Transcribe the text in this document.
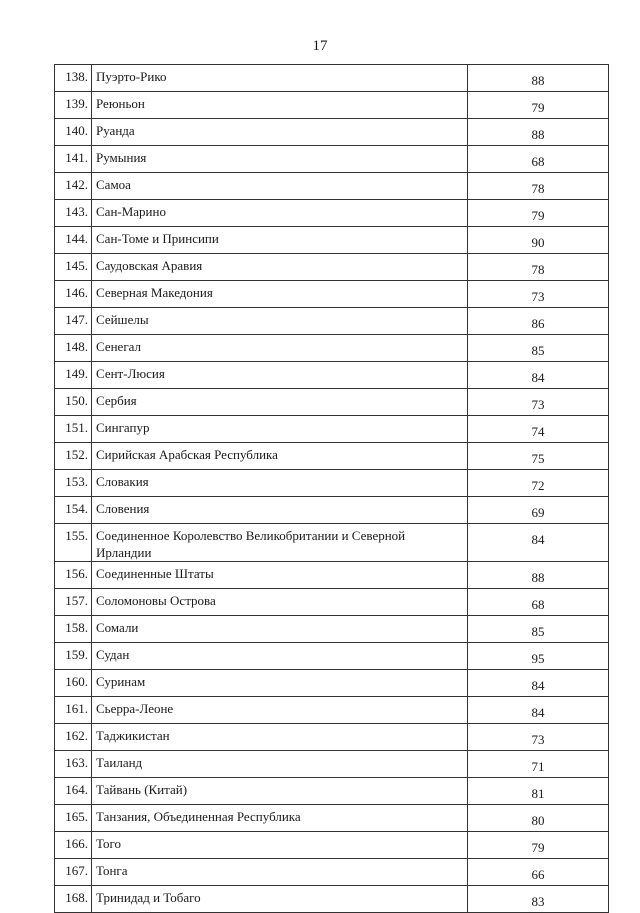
17
138.	Пуэрто-Рико	88
139.	Реюньон	79
140.	Руанда	88
141.	Румыния	68
142.	Самоа	78
143.	Сан-Марино	79
144.	Сан-Томе и Принсипи	90
145.	Саудовская Аравия	78
146.	Северная Македония	73
147.	Сейшелы	86
148.	Сенегал	85
149.	Сент-Люсия	84
150.	Сербия	73
151.	Сингапур	74
152.	Сирийская Арабская Республика	75
153.	Словакия	72
154.	Словения	69
155.	Соединенное Королевство Великобритании и Северной Ирландии	84
156.	Соединенные Штаты	88
157.	Соломоновы Острова	68
158.	Сомали	85
159.	Судан	95
160.	Суринам	84
161.	Сьерра-Леоне	84
162.	Таджикистан	73
163.	Таиланд	71
164.	Тайвань (Китай)	81
165.	Танзания, Объединенная Республика	80
166.	Того	79
167.	Тонга	66
168.	Тринидад и Тобаго	83
